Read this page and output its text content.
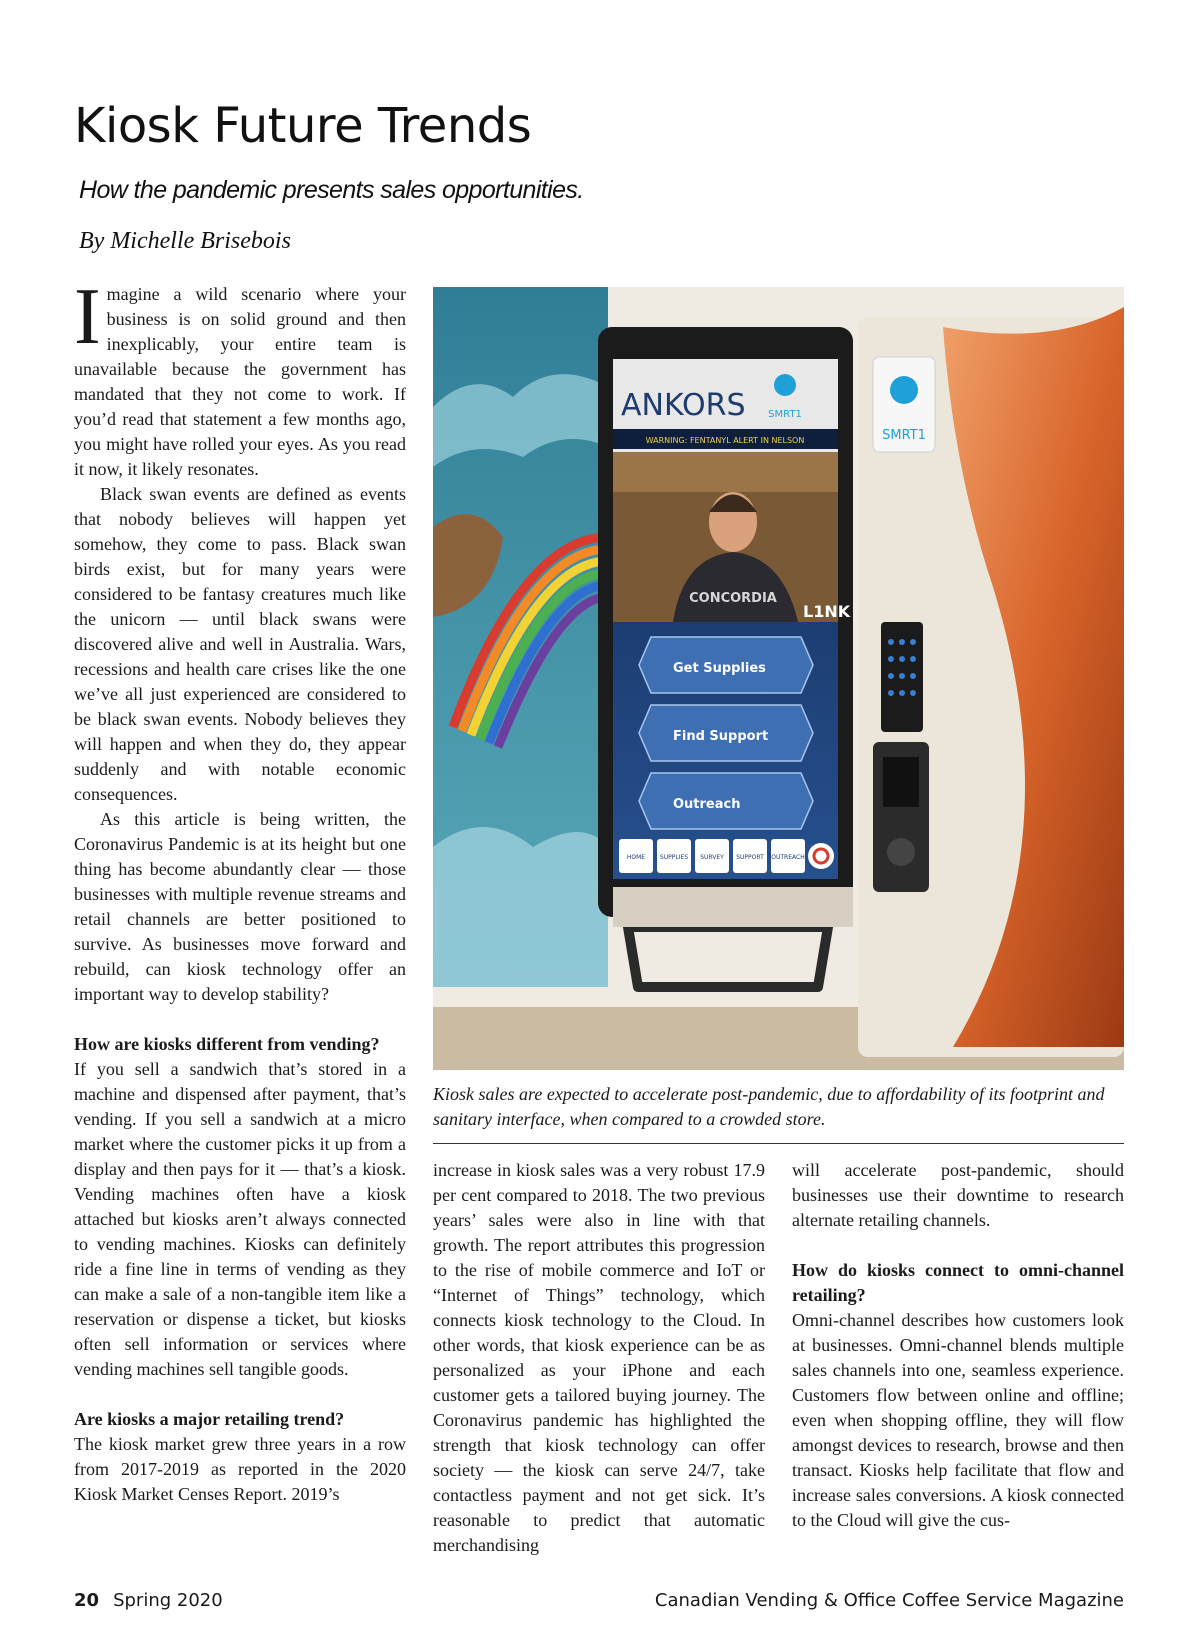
Kiosk Future Trends
How the pandemic presents sales opportunities.
By Michelle Brisebois

Imagine a wild scenario where your business is on solid ground and then inexplicably, your entire team is unavailable because the government has mandated that they not come to work. If you’d read that statement a few months ago, you might have rolled your eyes. As you read it now, it likely resonates.

Black swan events are defined as events that nobody believes will happen yet somehow, they come to pass. Black swan birds exist, but for many years were considered to be fantasy creatures much like the unicorn — until black swans were discovered alive and well in Australia. Wars, recessions and health care crises like the one we’ve all just experienced are considered to be black swan events. Nobody believes they will happen and when they do, they appear suddenly and with notable economic consequences.

As this article is being written, the Coronavirus Pandemic is at its height but one thing has become abundantly clear — those businesses with multiple revenue streams and retail channels are better positioned to survive. As businesses move forward and rebuild, can kiosk technology offer an important way to develop stability?

How are kiosks different from vending?

If you sell a sandwich that’s stored in a machine and dispensed after payment, that’s vending. If you sell a sandwich at a micro market where the customer picks it up from a display and then pays for it — that’s a kiosk. Vending machines often have a kiosk attached but kiosks aren’t always connected to vending machines. Kiosks can definitely ride a fine line in terms of vending as they can make a sale of a non-tangible item like a reservation or dispense a ticket, but kiosks often sell information or services where vending machines sell tangible goods.

Are kiosks a major retailing trend?

The kiosk market grew three years in a row from 2017-2019 as reported in the 2020 Kiosk Market Censes Report. 2019’s

SMRT1
ANKORS SMRT1
WARNING: FENTANYL ALERT IN NELSON
CONCORDIA
L1NK
Get Supplies
Find Support
Outreach
HOME SUPPLIES SURVEY SUPPORT OUTREACH
Kiosk sales are expected to accelerate post-pandemic, due to affordability of its footprint and sanitary interface, when compared to a crowded store.

increase in kiosk sales was a very robust 17.9 per cent compared to 2018. The two previous years’ sales were also in line with that growth. The report attributes this progression to the rise of mobile commerce and IoT or “Internet of Things” technology, which connects kiosk technology to the Cloud. In other words, that kiosk experience can be as personalized as your iPhone and each customer gets a tailored buying journey. The Coronavirus pandemic has highlighted the strength that kiosk technology can offer society — the kiosk can serve 24/7, take contactless payment and not get sick. It’s reasonable to predict that automatic merchandising

will accelerate post-pandemic, should businesses use their downtime to research alternate retailing channels.

How do kiosks connect to omni-channel retailing?

Omni-channel describes how customers look at businesses. Omni-channel blends multiple sales channels into one, seamless experience. Customers flow between online and offline; even when shopping offline, they will flow amongst devices to research, browse and then transact. Kiosks help facilitate that flow and increase sales conversions. A kiosk connected to the Cloud will give the cus-

20 Spring 2020	Canadian Vending & Office Coffee Service Magazine
